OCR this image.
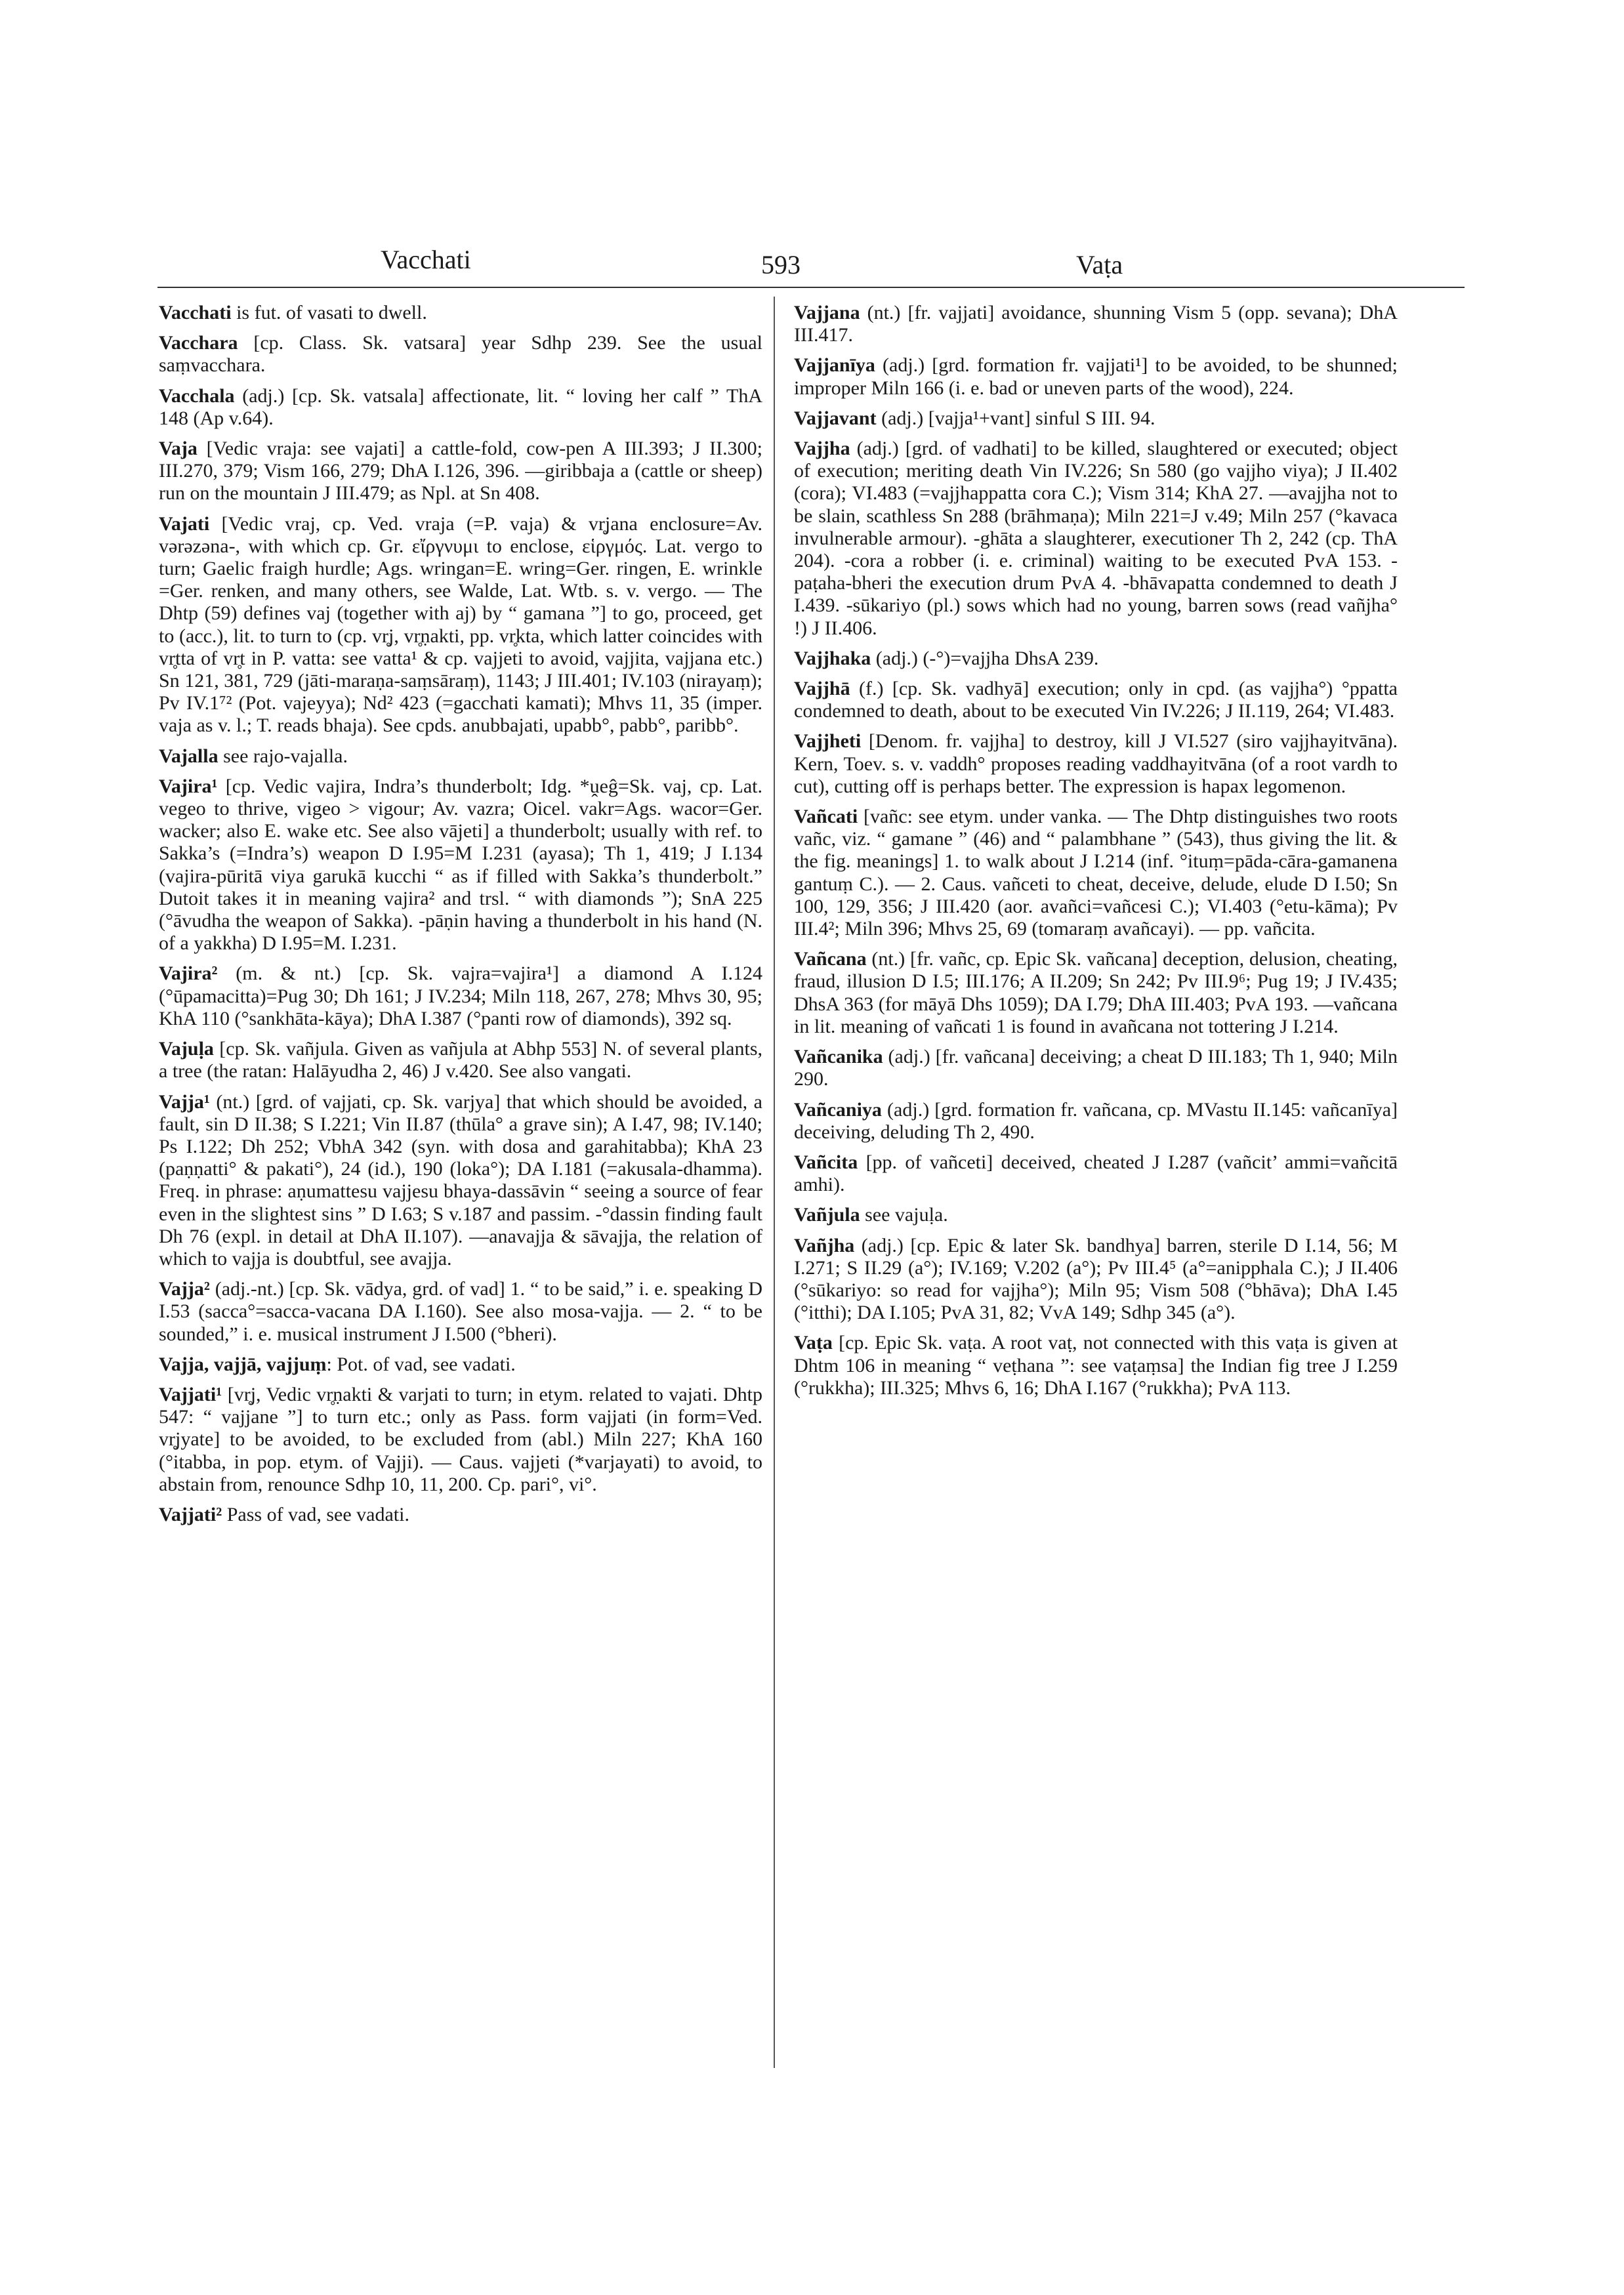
Vacchati	593	Vaṭa

Vacchati is fut. of vasati to dwell.

Vacchara [cp. Class. Sk. vatsara] year Sdhp 239. See the usual saṃvacchara.

Vacchala (adj.) [cp. Sk. vatsala] affectionate, lit. “ loving her calf ” ThA 148 (Ap v.64).

Vaja [Vedic vraja: see vajati] a cattle-fold, cow-pen A III.393; J II.300; III.270, 379; Vism 166, 279; DhA I.126, 396. —giribbaja a (cattle or sheep) run on the mountain J III.479; as Npl. at Sn 408.

Vajati [Vedic vraj, cp. Ved. vraja (=P. vaja) & vr̥jana enclosure=Av. vərəzəna-, with which cp. Gr. εἴργνυμι to enclose, εἱργμός. Lat. vergo to turn; Gaelic fraigh hurdle; Ags. wringan=E. wring=Ger. ringen, E. wrinkle =Ger. renken, and many others, see Walde, Lat. Wtb. s. v. vergo. — The Dhtp (59) defines vaj (together with aj) by “ gamana ”] to go, proceed, get to (acc.), lit. to turn to (cp. vr̥j, vr̥ṇakti, pp. vr̥kta, which latter coincides with vr̥tta of vr̥t in P. vatta: see vatta¹ & cp. vajjeti to avoid, vajjita, vajjana etc.) Sn 121, 381, 729 (jāti-maraṇa-saṃsāraṃ), 1143; J III.401; IV.103 (nirayaṃ); Pv IV.1⁷² (Pot. vajeyya); Nd² 423 (=gacchati kamati); Mhvs 11, 35 (imper. vaja as v. l.; T. reads bhaja). See cpds. anubbajati, upabb°, pabb°, paribb°.

Vajalla see rajo-vajalla.

Vajira¹ [cp. Vedic vajira, Indra’s thunderbolt; Idg. *ṷeĝ=Sk. vaj, cp. Lat. vegeo to thrive, vigeo > vigour; Av. vazra; Oicel. vakr=Ags. wacor=Ger. wacker; also E. wake etc. See also vājeti] a thunderbolt; usually with ref. to Sakka’s (=Indra’s) weapon D I.95=M I.231 (ayasa); Th 1, 419; J I.134 (vajira-pūritā viya garukā kucchi “ as if filled with Sakka’s thunderbolt.” Dutoit takes it in meaning vajira² and trsl. “ with diamonds ”); SnA 225 (°āvudha the weapon of Sakka). -pāṇin having a thunderbolt in his hand (N. of a yakkha) D I.95=M. I.231.

Vajira² (m. & nt.) [cp. Sk. vajra=vajira¹] a diamond A I.124 (°ūpamacitta)=Pug 30; Dh 161; J IV.234; Miln 118, 267, 278; Mhvs 30, 95; KhA 110 (°sankhāta-kāya); DhA I.387 (°panti row of diamonds), 392 sq.

Vajuḷa [cp. Sk. vañjula. Given as vañjula at Abhp 553] N. of several plants, a tree (the ratan: Halāyudha 2, 46) J v.420. See also vangati.

Vajja¹ (nt.) [grd. of vajjati, cp. Sk. varjya] that which should be avoided, a fault, sin D II.38; S I.221; Vin II.87 (thūla° a grave sin); A I.47, 98; IV.140; Ps I.122; Dh 252; VbhA 342 (syn. with dosa and garahitabba); KhA 23 (paṇṇatti° & pakati°), 24 (id.), 190 (loka°); DA I.181 (=akusala-dhamma). Freq. in phrase: aṇumattesu vajjesu bhaya-dassāvin “ seeing a source of fear even in the slightest sins ” D I.63; S v.187 and passim. -°dassin finding fault Dh 76 (expl. in detail at DhA II.107). —anavajja & sāvajja, the relation of which to vajja is doubtful, see avajja.

Vajja² (adj.-nt.) [cp. Sk. vādya, grd. of vad] 1. “ to be said,” i. e. speaking D I.53 (sacca°=sacca-vacana DA I.160). See also mosa-vajja. — 2. “ to be sounded,” i. e. musical instrument J I.500 (°bheri).

Vajja, vajjā, vajjuṃ: Pot. of vad, see vadati.

Vajjati¹ [vr̥j, Vedic vr̥ṇakti & varjati to turn; in etym. related to vajati. Dhtp 547: “ vajjane ”] to turn etc.; only as Pass. form vajjati (in form=Ved. vr̥jyate] to be avoided, to be excluded from (abl.) Miln 227; KhA 160 (°itabba, in pop. etym. of Vajji). — Caus. vajjeti (*varjayati) to avoid, to abstain from, renounce Sdhp 10, 11, 200. Cp. pari°, vi°.

Vajjati² Pass of vad, see vadati.

Vajjana (nt.) [fr. vajjati] avoidance, shunning Vism 5 (opp. sevana); DhA III.417.

Vajjanīya (adj.) [grd. formation fr. vajjati¹] to be avoided, to be shunned; improper Miln 166 (i. e. bad or uneven parts of the wood), 224.

Vajjavant (adj.) [vajja¹+vant] sinful S III. 94.

Vajjha (adj.) [grd. of vadhati] to be killed, slaughtered or executed; object of execution; meriting death Vin IV.226; Sn 580 (go vajjho viya); J II.402 (cora); VI.483 (=vajjhappatta cora C.); Vism 314; KhA 27. —avajjha not to be slain, scathless Sn 288 (brāhmaṇa); Miln 221=J v.49; Miln 257 (°kavaca invulnerable armour). -ghāta a slaughterer, executioner Th 2, 242 (cp. ThA 204). -cora a robber (i. e. criminal) waiting to be executed PvA 153. -paṭaha-bheri the execution drum PvA 4. -bhāvapatta condemned to death J I.439. -sūkariyo (pl.) sows which had no young, barren sows (read vañjha° !) J II.406.

Vajjhaka (adj.) (-°)=vajjha DhsA 239.

Vajjhā (f.) [cp. Sk. vadhyā] execution; only in cpd. (as vajjha°) °ppatta condemned to death, about to be executed Vin IV.226; J II.119, 264; VI.483.

Vajjheti [Denom. fr. vajjha] to destroy, kill J VI.527 (siro vajjhayitvāna). Kern, Toev. s. v. vaddh° proposes reading vaddhayitvāna (of a root vardh to cut), cutting off is perhaps better. The expression is hapax legomenon.

Vañcati [vañc: see etym. under vanka. — The Dhtp distinguishes two roots vañc, viz. “ gamane ” (46) and “ palambhane ” (543), thus giving the lit. & the fig. meanings] 1. to walk about J I.214 (inf. °ituṃ=pāda-cāra-gamanena gantuṃ C.). — 2. Caus. vañceti to cheat, deceive, delude, elude D I.50; Sn 100, 129, 356; J III.420 (aor. avañci=vañcesi C.); VI.403 (°etu-kāma); Pv III.4²; Miln 396; Mhvs 25, 69 (tomaraṃ avañcayi). — pp. vañcita.

Vañcana (nt.) [fr. vañc, cp. Epic Sk. vañcana] deception, delusion, cheating, fraud, illusion D I.5; III.176; A II.209; Sn 242; Pv III.9⁶; Pug 19; J IV.435; DhsA 363 (for māyā Dhs 1059); DA I.79; DhA III.403; PvA 193. —vañcana in lit. meaning of vañcati 1 is found in avañcana not tottering J I.214.

Vañcanika (adj.) [fr. vañcana] deceiving; a cheat D III.183; Th 1, 940; Miln 290.

Vañcaniya (adj.) [grd. formation fr. vañcana, cp. MVastu II.145: vañcanīya] deceiving, deluding Th 2, 490.

Vañcita [pp. of vañceti] deceived, cheated J I.287 (vañcit’ ammi=vañcitā amhi).

Vañjula see vajuḷa.

Vañjha (adj.) [cp. Epic & later Sk. bandhya] barren, sterile D I.14, 56; M I.271; S II.29 (a°); IV.169; V.202 (a°); Pv III.4⁵ (a°=anipphala C.); J II.406 (°sūkariyo: so read for vajjha°); Miln 95; Vism 508 (°bhāva); DhA I.45 (°itthi); DA I.105; PvA 31, 82; VvA 149; Sdhp 345 (a°).

Vaṭa [cp. Epic Sk. vaṭa. A root vaṭ, not connected with this vaṭa is given at Dhtm 106 in meaning “ veṭhana ”: see vaṭaṃsa] the Indian fig tree J I.259 (°rukkha); III.325; Mhvs 6, 16; DhA I.167 (°rukkha); PvA 113.
